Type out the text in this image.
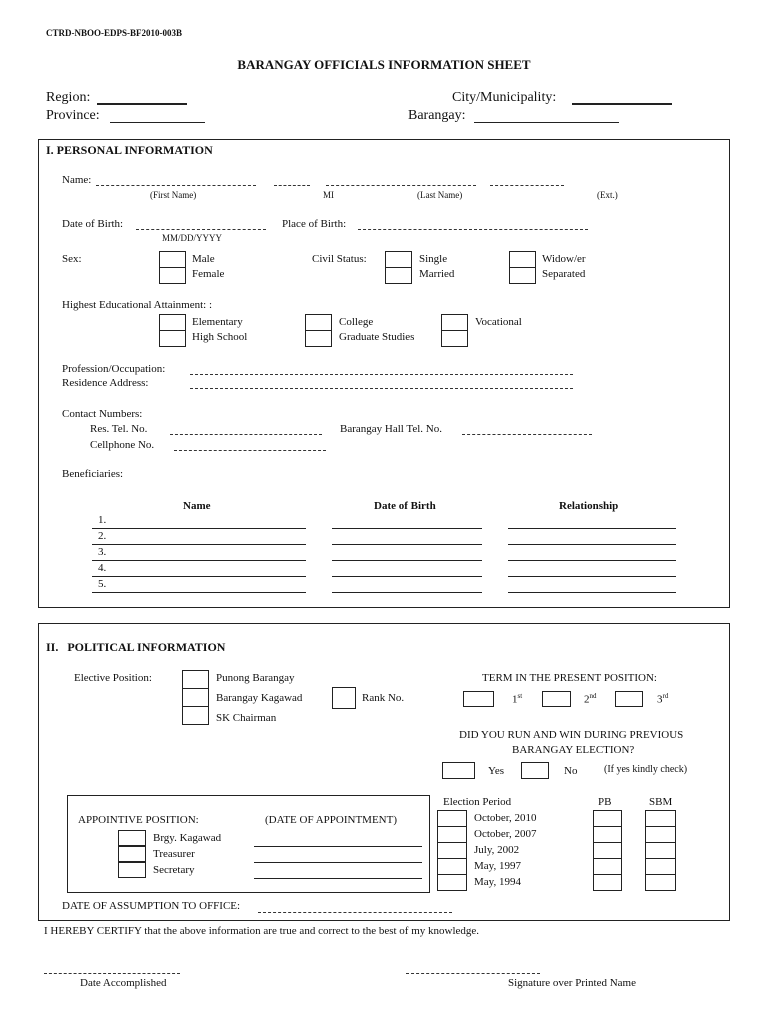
CTRD-NBOO-EDPS-BF2010-003B
BARANGAY OFFICIALS INFORMATION SHEET
Region:
Province:
City/Municipality:
Barangay:
I. PERSONAL INFORMATION
Name:
(First Name)	MI	(Last Name)	(Ext.)
Date of Birth:
MM/DD/YYYY
Place of Birth:
Sex:	Male
Female
Civil Status:	Single
Married
Widow/er
Separated
Highest Educational Attainment: :
Elementary
High School
College
Graduate Studies
Vocational
Profession/Occupation:
Residence Address:
Contact Numbers:
Res. Tel. No.	Barangay Hall Tel. No.
Cellphone No.
Beneficiaries:
Name	Date of Birth	Relationship
1.
2.
3.
4.
5.
II.   POLITICAL INFORMATION
Elective Position:	Punong Barangay
Barangay Kagawad
SK Chairman
Rank No.
TERM IN THE PRESENT POSITION:
1st	2nd	3rd
DID YOU RUN AND WIN DURING PREVIOUS
BARANGAY ELECTION?
Yes	No	(If yes kindly check)
APPOINTIVE POSITION:	(DATE OF APPOINTMENT)
Brgy. Kagawad
Treasurer
Secretary
Election Period	PB	SBM
October, 2010
October, 2007
July, 2002
May, 1997
May, 1994
DATE OF ASSUMPTION TO OFFICE:
I HEREBY CERTIFY that the above information are true and correct to the best of my knowledge.
Date Accomplished	Signature over Printed Name
